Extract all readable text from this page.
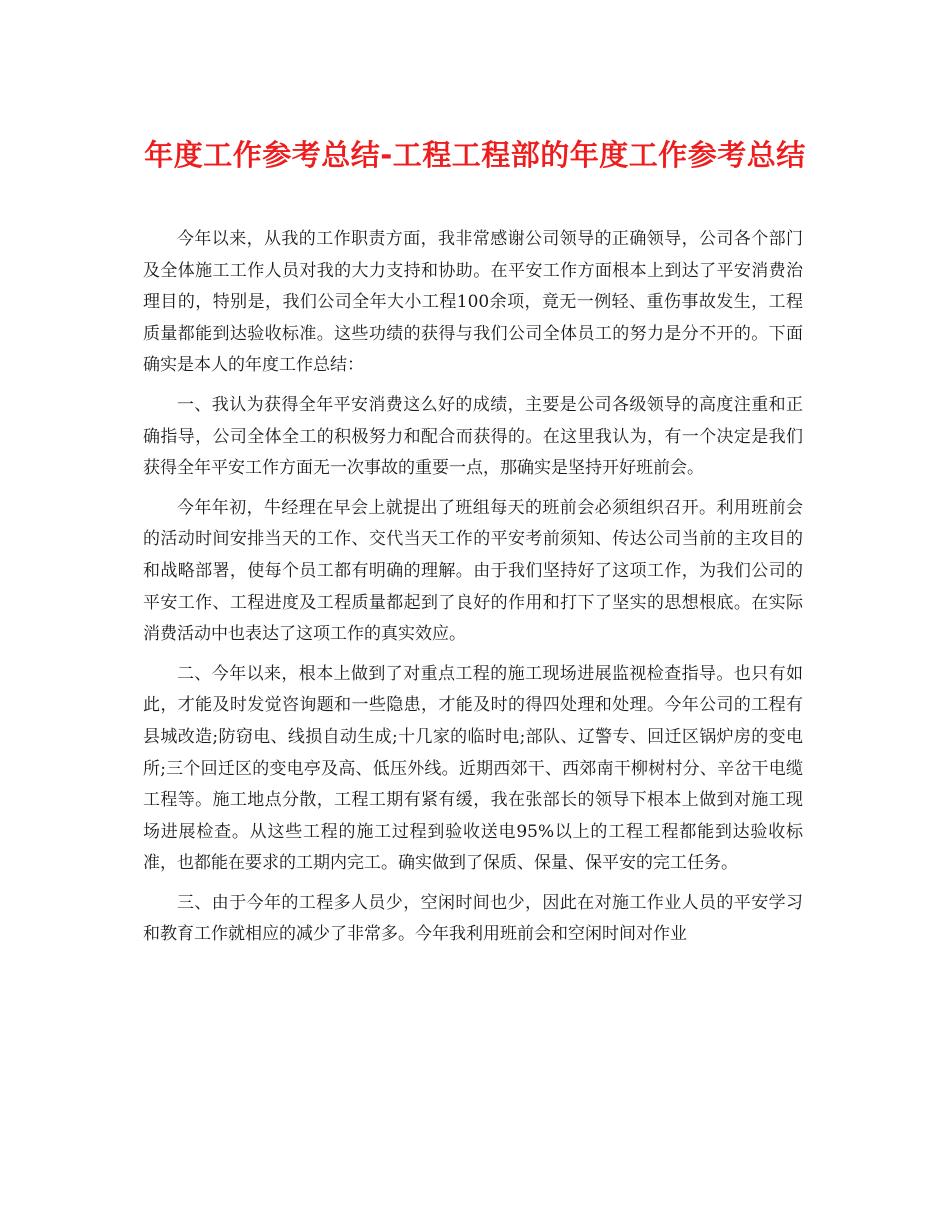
年度工作参考总结-工程工程部的年度工作参考总结

今年以来，从我的工作职责方面，我非常感谢公司领导的正确领导，公司各个部门及全体施工工作人员对我的大力支持和协助。在平安工作方面根本上到达了平安消费治理目的，特别是，我们公司全年大小工程100余项，竟无一例轻、重伤事故发生，工程质量都能到达验收标准。这些功绩的获得与我们公司全体员工的努力是分不开的。下面确实是本人的年度工作总结：

一、我认为获得全年平安消费这么好的成绩，主要是公司各级领导的高度注重和正确指导，公司全体全工的积极努力和配合而获得的。在这里我认为，有一个决定是我们获得全年平安工作方面无一次事故的重要一点，那确实是坚持开好班前会。

今年年初，牛经理在早会上就提出了班组每天的班前会必须组织召开。利用班前会的活动时间安排当天的工作、交代当天工作的平安考前须知、传达公司当前的主攻目的和战略部署，使每个员工都有明确的理解。由于我们坚持好了这项工作，为我们公司的平安工作、工程进度及工程质量都起到了良好的作用和打下了坚实的思想根底。在实际消费活动中也表达了这项工作的真实效应。

二、今年以来，根本上做到了对重点工程的施工现场进展监视检查指导。也只有如此，才能及时发觉咨询题和一些隐患，才能及时的得四处理和处理。今年公司的工程有县城改造;防窃电、线损自动生成;十几家的临时电;部队、辽警专、回迁区锅炉房的变电所;三个回迁区的变电亭及高、低压外线。近期西郊干、西郊南干柳树村分、辛岔干电缆工程等。施工地点分散，工程工期有紧有缓，我在张部长的领导下根本上做到对施工现场进展检查。从这些工程的施工过程到验收送电95%以上的工程工程都能到达验收标准，也都能在要求的工期内完工。确实做到了保质、保量、保平安的完工任务。

三、由于今年的工程多人员少，空闲时间也少，因此在对施工作业人员的平安学习和教育工作就相应的减少了非常多。今年我利用班前会和空闲时间对作业
